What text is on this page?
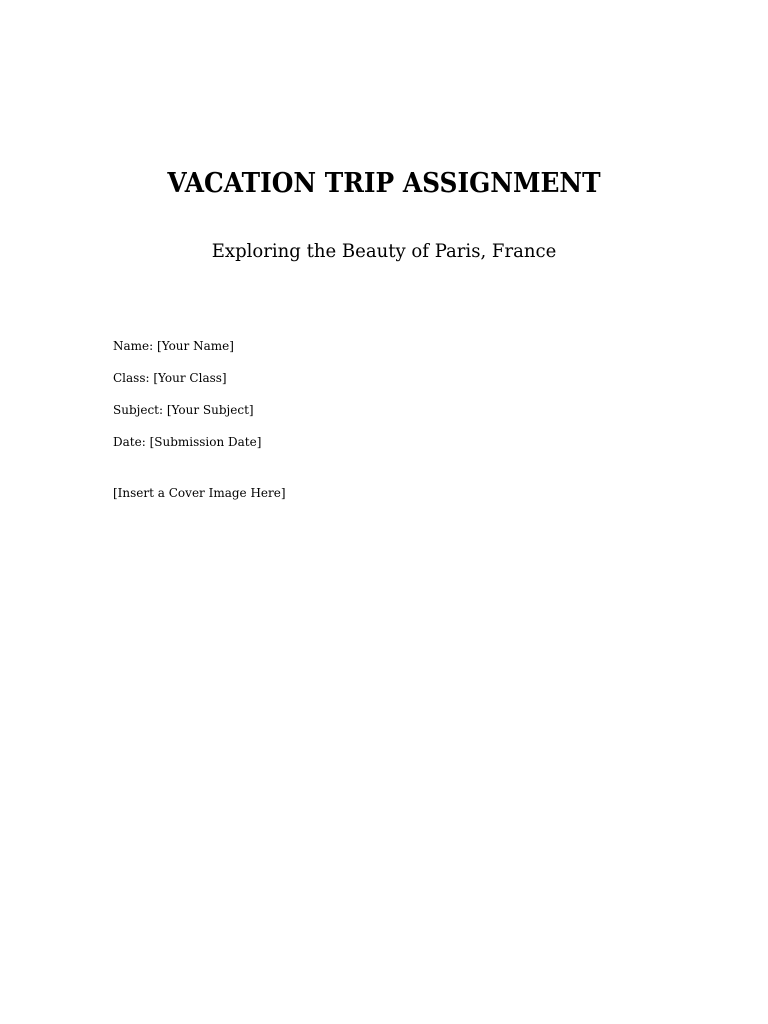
VACATION TRIP ASSIGNMENT
Exploring the Beauty of Paris, France
Name: [Your Name]
Class: [Your Class]
Subject: [Your Subject]
Date: [Submission Date]
[Insert a Cover Image Here]
